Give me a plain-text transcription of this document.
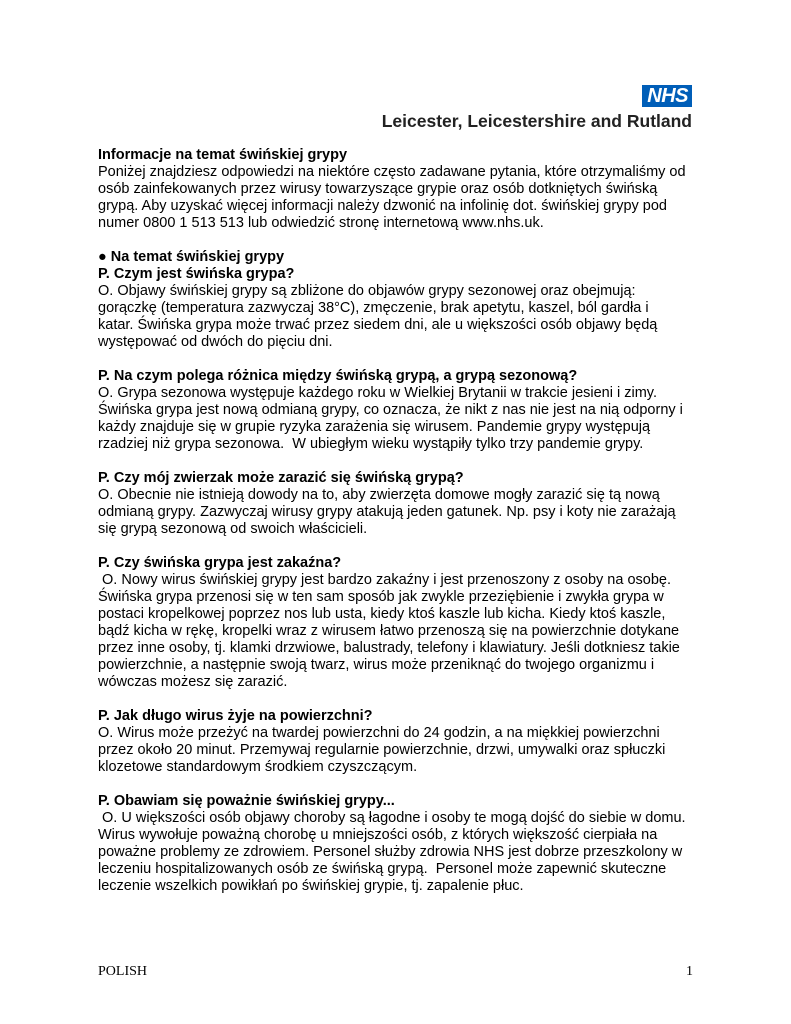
NHS
Leicester, Leicestershire and Rutland

Informacje na temat świńskiej grypy

Poniżej znajdziesz odpowiedzi na niektóre często zadawane pytania, które otrzymaliśmy od

osób zainfekowanych przez wirusy towarzyszące grypie oraz osób dotkniętych świńską

grypą. Aby uzyskać więcej informacji należy dzwonić na infolinię dot. świńskiej grypy pod

numer 0800 1 513 513 lub odwiedzić stronę internetową www.nhs.uk.

● Na temat świńskiej grypy

P. Czym jest świńska grypa?

O. Objawy świńskiej grypy są zbliżone do objawów grypy sezonowej oraz obejmują:

gorączkę (temperatura zazwyczaj 38°C), zmęczenie, brak apetytu, kaszel, ból gardła i

katar. Świńska grypa może trwać przez siedem dni, ale u większości osób objawy będą

występować od dwóch do pięciu dni.

P. Na czym polega różnica między świńską grypą, a grypą sezonową?

O. Grypa sezonowa występuje każdego roku w Wielkiej Brytanii w trakcie jesieni i zimy.

Świńska grypa jest nową odmianą grypy, co oznacza, że nikt z nas nie jest na nią odporny i

każdy znajduje się w grupie ryzyka zarażenia się wirusem. Pandemie grypy występują

rzadziej niż grypa sezonowa.  W ubiegłym wieku wystąpiły tylko trzy pandemie grypy.

P. Czy mój zwierzak może zarazić się świńską grypą?

O. Obecnie nie istnieją dowody na to, aby zwierzęta domowe mogły zarazić się tą nową

odmianą grypy. Zazwyczaj wirusy grypy atakują jeden gatunek. Np. psy i koty nie zarażają

się grypą sezonową od swoich właścicieli.

P. Czy świńska grypa jest zakaźna?

O. Nowy wirus świńskiej grypy jest bardzo zakaźny i jest przenoszony z osoby na osobę.

Świńska grypa przenosi się w ten sam sposób jak zwykle przeziębienie i zwykła grypa w

postaci kropelkowej poprzez nos lub usta, kiedy ktoś kaszle lub kicha. Kiedy ktoś kaszle,

bądź kicha w rękę, kropelki wraz z wirusem łatwo przenoszą się na powierzchnie dotykane

przez inne osoby, tj. klamki drzwiowe, balustrady, telefony i klawiatury. Jeśli dotkniesz takie

powierzchnie, a następnie swoją twarz, wirus może przeniknąć do twojego organizmu i

wówczas możesz się zarazić.

P. Jak długo wirus żyje na powierzchni?

O. Wirus może przeżyć na twardej powierzchni do 24 godzin, a na miękkiej powierzchni

przez około 20 minut. Przemywaj regularnie powierzchnie, drzwi, umywalki oraz spłuczki

klozetowe standardowym środkiem czyszczącym.

P. Obawiam się poważnie świńskiej grypy...

O. U większości osób objawy choroby są łagodne i osoby te mogą dojść do siebie w domu.

Wirus wywołuje poważną chorobę u mniejszości osób, z których większość cierpiała na

poważne problemy ze zdrowiem. Personel służby zdrowia NHS jest dobrze przeszkolony w

leczeniu hospitalizowanych osób ze świńską grypą.  Personel może zapewnić skuteczne

leczenie wszelkich powikłań po świńskiej grypie, tj. zapalenie płuc.

POLISH	1
